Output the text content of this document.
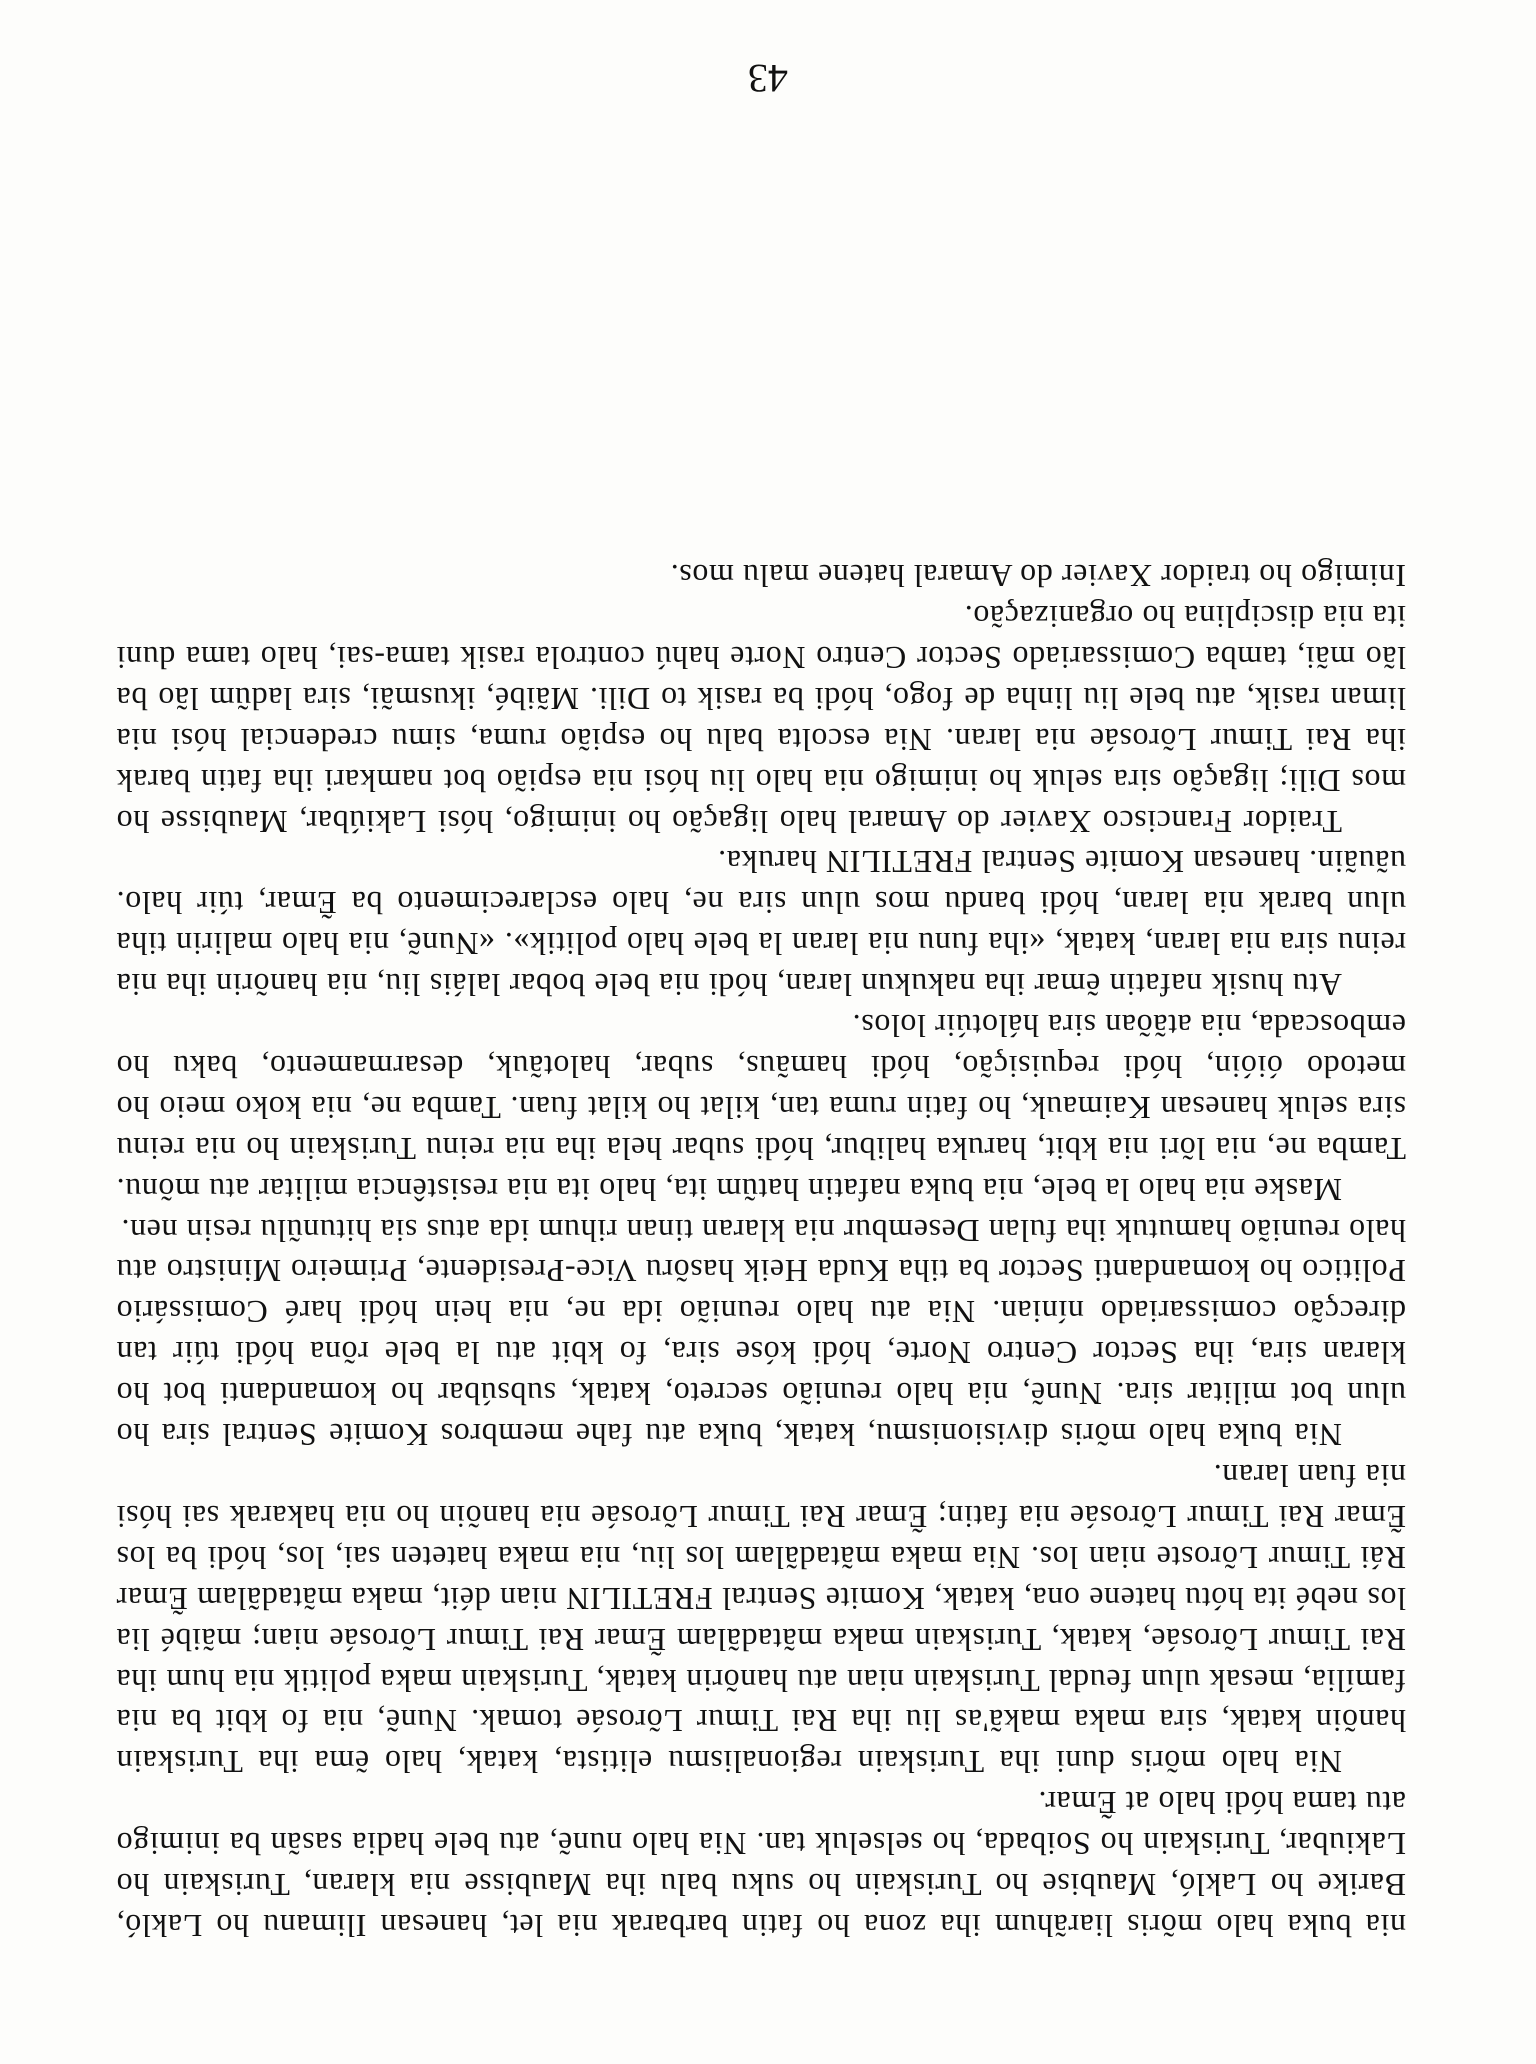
nia buka halo mõris liarãhum iha zona ho fatin barbarak nia let, hanesan Ilimanu ho Lakló, Barike ho Lakló, Maubise ho Turiskain ho suku balu iha Maubisse nia klaran, Turiskain ho Lakiubar, Turiskain ho Soibada, ho selseluk tan. Nia halo nunẽ, atu bele hadia sasãn ba inimigo atu tama hódi halo at Ẽmar.

Nia halo mõris duni iha Turiskain regionalismu elitista, katak, halo ẽma iha Turiskain hanõin katak, sira maka makã'as liu iha Rai Timur Lõrosáe tomak. Nunẽ, nia fo kbit ba nia família, mesak ulun feudal Turiskain nian atu hanõrin katak, Turiskain maka politik nia hum iha Rai Timur Lõrosáe, katak, Turiskain maka mãtadãlam Ẽmar Rai Timur Lõrosáe nian; mãibé lia los nebé ita hótu hatene ona, katak, Komite Sentral FRETILIN nian déit, maka mãtadãlam Ẽmar Rái Timur Lõroste nian los. Nia maka mãtadãlam los liu, nia maka hateten sai, los, hódi ba los Ẽmar Rai Timur Lõrosáe nia fatin; Ẽmar Rai Timur Lõrosáe nia hanõin ho nia hakarak sai hósi nia fuan laran.

Nia buka halo mõris divisionismu, katak, buka atu fahe membros Komite Sentral sira ho ulun bot militar sira. Nunẽ, nia halo reunião secreto, katak, subsúbar ho komandanti bot ho klaran sira, iha Sector Centro Norte, hódi kóse sira, fo kbit atu la bele rõna hódi túir tan direcção comissariado nínian. Nia atu halo reunião ida ne, nia hein hódi haré Comissário Politico ho komandanti Sector ba tiha Kuda Heik hasõru Vice-Presidente, Primeiro Ministro atu halo reunião hamutuk iha fulan Desembur nia klaran tinan rihum ida atus sia hitunũlu resin nen.

Maske nia halo la bele, nia buka nafatin hatũm ita, halo ita nia resistência militar atu mõnu. Tamba ne, nia lõri nia kbit, haruka halibur, hódi subar hela iha nia reinu Turiskain ho nia reinu sira seluk hanesan Kaimauk, ho fatin ruma tan, kilat ho kilat fuan. Tamba ne, nia koko meio ho metodo óióin, hódi requisição, hódi hamãus, subar, halotãuk, desarmamento, baku ho emboscada, nia atãõan sira hálotúir lolos.

Atu husik nafatin ẽmar iha nakukun laran, hódi nia bele bobar laláis liu, nia hanõrin iha nia reinu sira nia laran, katak, «iha funu nia laran la bele halo politik». «Nunẽ, nia halo malirin tiha ulun barak nia laran, hódi bandu mos ulun sira ne, halo esclarecimento ba Ẽmar, túir halo. uãuãin. hanesan Komite Sentral FRETILIN haruka.

Traidor Francisco Xavier do Amaral halo ligação ho inimigo, hósi Lakiúbar, Maubisse ho mos Dili; ligação sira seluk ho inimigo nia halo liu hósi nia espião bot namkari iha fatin barak iha Rai Timur Lõrosáe nia laran. Nia escolta balu ho espião ruma, simu credencial hósi nia liman rasik, atu bele liu linha de fogo, hódi ba rasik to Dili. Mãibé, ikusmãi, sira ladũm lão ba lão mãi, tamba Comissariado Sector Centro Norte hahú controla rasik tama-sai, halo tama duni ita nia disciplina ho organização.

Inimigo ho traidor Xavier do Amaral hatene malu mos.

43
